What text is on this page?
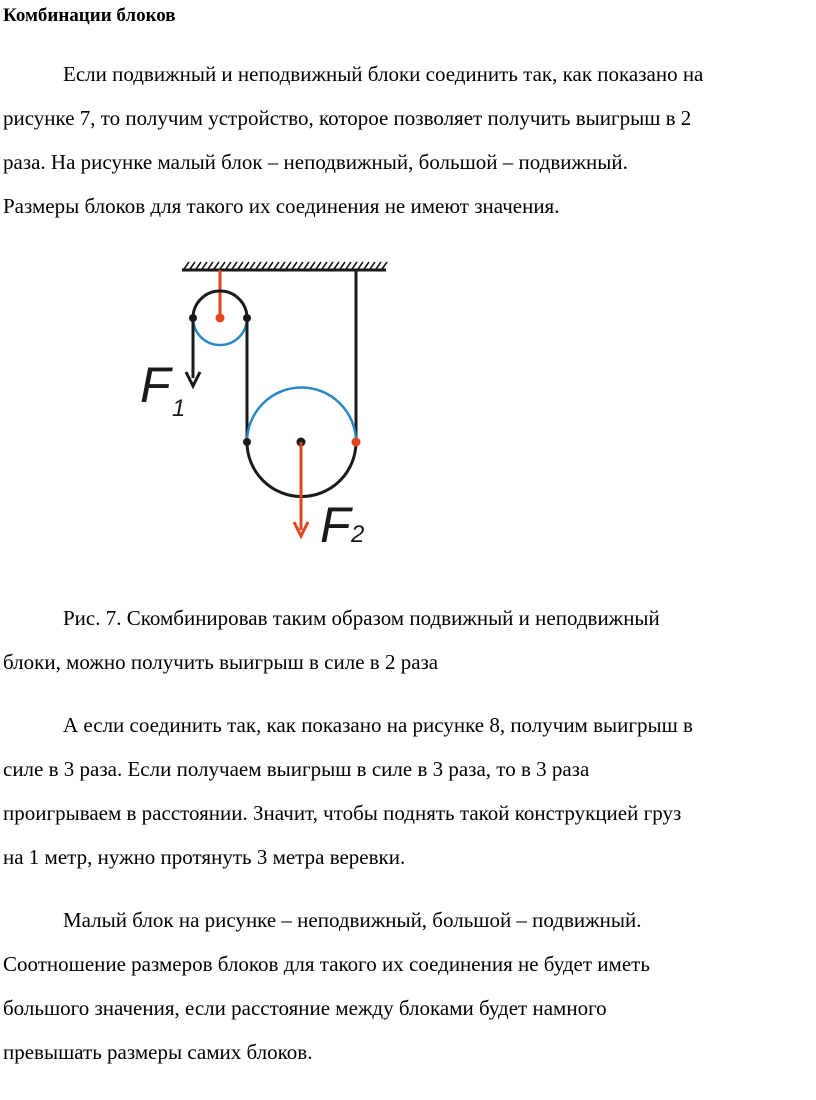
Комбинации блоков

Если подвижный и неподвижный блоки соединить так, как показано на
рисунке 7, то получим устройство, которое позволяет получить выигрыш в 2
раза. На рисунке малый блок – неподвижный, большой – подвижный.
Размеры блоков для такого их соединения не имеют значения.

F 1
F 2

Рис. 7. Скомбинировав таким образом подвижный и неподвижный
блоки, можно получить выигрыш в силе в 2 раза

А если соединить так, как показано на рисунке 8, получим выигрыш в
силе в 3 раза. Если получаем выигрыш в силе в 3 раза, то в 3 раза
проигрываем в расстоянии. Значит, чтобы поднять такой конструкцией груз
на 1 метр, нужно протянуть 3 метра веревки.

Малый блок на рисунке – неподвижный, большой – подвижный.
Соотношение размеров блоков для такого их соединения не будет иметь
большого значения, если расстояние между блоками будет намного
превышать размеры самих блоков.
